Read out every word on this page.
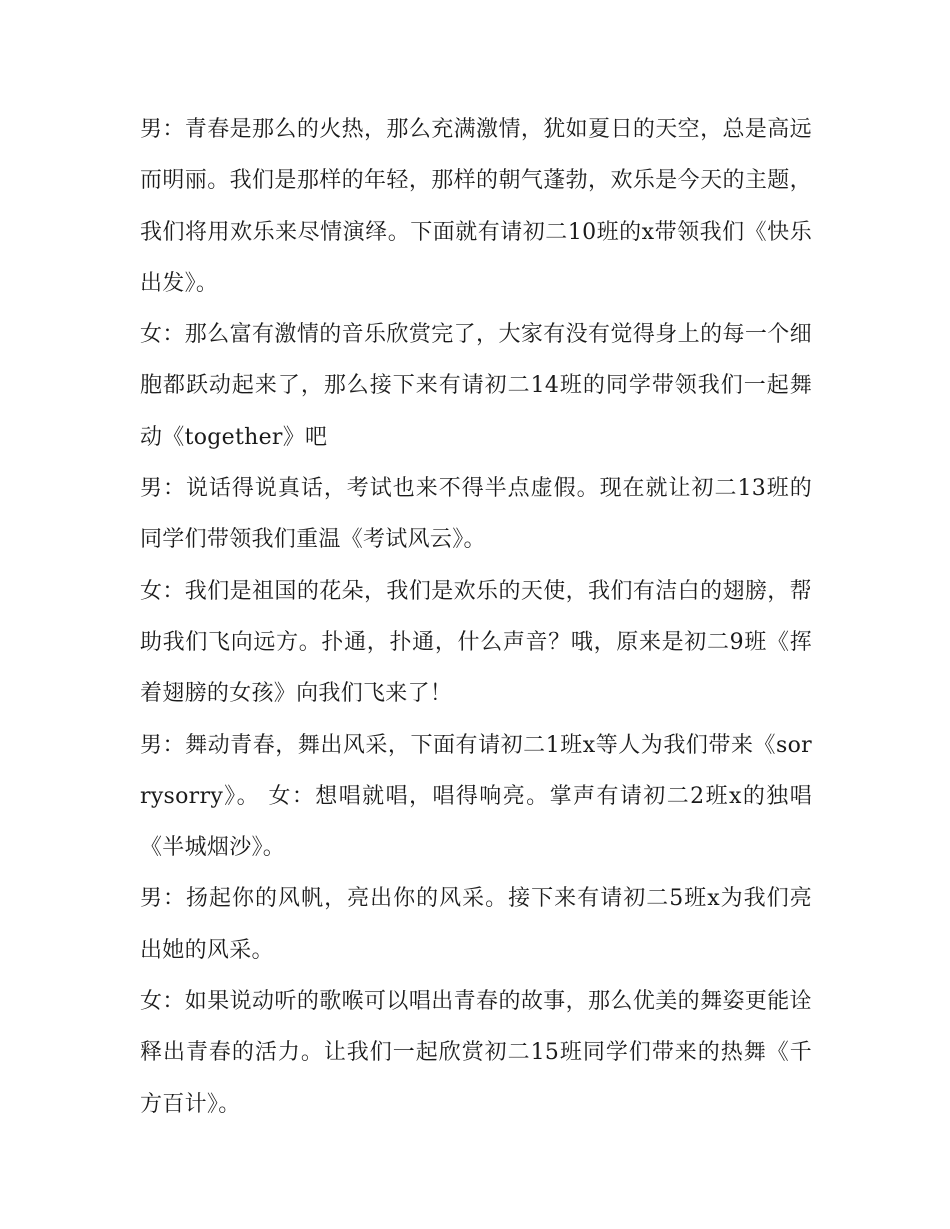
男：青春是那么的火热，那么充满激情，犹如夏日的天空，总是高远而明丽。我们是那样的年轻，那样的朝气蓬勃，欢乐是今天的主题，我们将用欢乐来尽情演绎。下面就有请初二10班的x带领我们《快乐出发》。

女：那么富有激情的音乐欣赏完了，大家有没有觉得身上的每一个细胞都跃动起来了，那么接下来有请初二14班的同学带领我们一起舞动《together》吧

男：说话得说真话，考试也来不得半点虚假。现在就让初二13班的同学们带领我们重温《考试风云》。

女：我们是祖国的花朵，我们是欢乐的天使，我们有洁白的翅膀，帮助我们飞向远方。扑通，扑通，什么声音？哦，原来是初二9班《挥着翅膀的女孩》向我们飞来了！

男：舞动青春，舞出风采，下面有请初二1班x等人为我们带来《sorrysorry》。 女：想唱就唱，唱得响亮。掌声有请初二2班x的独唱《半城烟沙》。

男：扬起你的风帆，亮出你的风采。接下来有请初二5班x为我们亮出她的风采。

女：如果说动听的歌喉可以唱出青春的故事，那么优美的舞姿更能诠释出青春的活力。让我们一起欣赏初二15班同学们带来的热舞《千方百计》。
